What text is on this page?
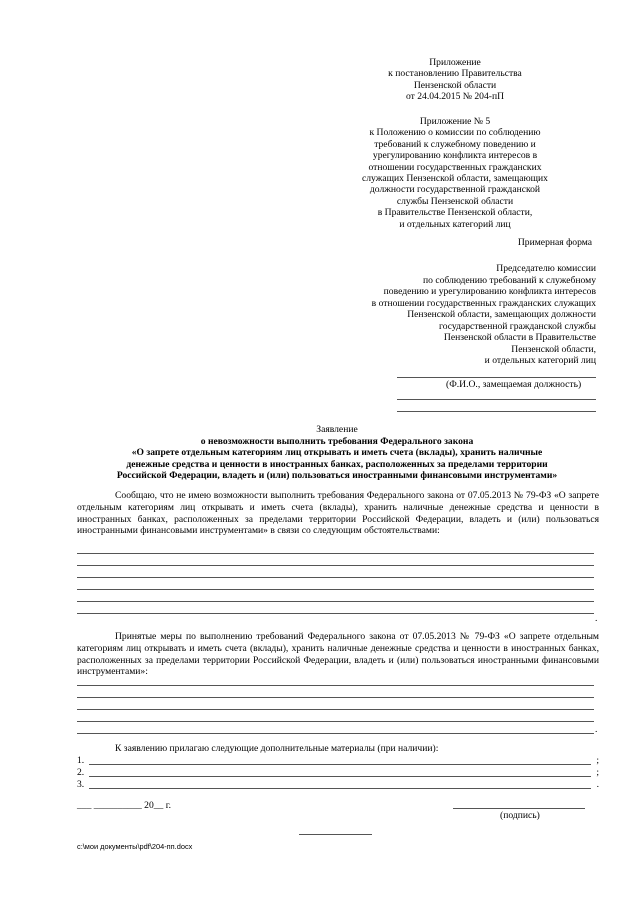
Приложение
к постановлению Правительства
Пензенской области
от 24.04.2015 № 204-пП
Приложение № 5
к Положению о комиссии по соблюдению
требований к служебному поведению и
урегулированию конфликта интересов в
отношении государственных гражданских
служащих Пензенской области, замещающих
должности государственной гражданской
службы Пензенской области
в Правительстве Пензенской области,
и отдельных категорий лиц
Примерная форма
Председателю комиссии
по соблюдению требований к служебному
поведению и урегулированию конфликта интересов
в отношении государственных гражданских служащих
Пензенской области, замещающих должности
государственной гражданской службы
Пензенской области в Правительстве
Пензенской области,
и отдельных категорий лиц
(Ф.И.О., замещаемая должность)
Заявление
о невозможности выполнить требования Федерального закона
«О запрете отдельным категориям лиц открывать и иметь счета (вклады), хранить наличные
денежные средства и ценности в иностранных банках, расположенных за пределами территории
Российской Федерации, владеть и (или) пользоваться иностранными финансовыми инструментами»
Сообщаю, что не имею возможности выполнить требования Федерального закона от 07.05.2013 № 79-ФЗ «О запрете отдельным категориям лиц открывать и иметь счета (вклады), хранить наличные денежные средства и ценности в иностранных банках, расположенных за пределами территории Российской Федерации, владеть и (или) пользоваться иностранными финансовыми инструментами» в связи со следующим обстоятельствами:
.
Принятые меры по выполнению требований Федерального закона от 07.05.2013 № 79-ФЗ «О запрете отдельным категориям лиц открывать и иметь счета (вклады), хранить наличные денежные средства и ценности в иностранных банках, расположенных за пределами территории Российской Федерации, владеть и (или) пользоваться иностранными финансовыми инструментами»:
.
К заявлению прилагаю следующие дополнительные материалы (при наличии):
1.	;
2.	;
3.	.
___ __________ 20__ г.
(подпись)
c:\мои документы\pdf\204-пп.docx
